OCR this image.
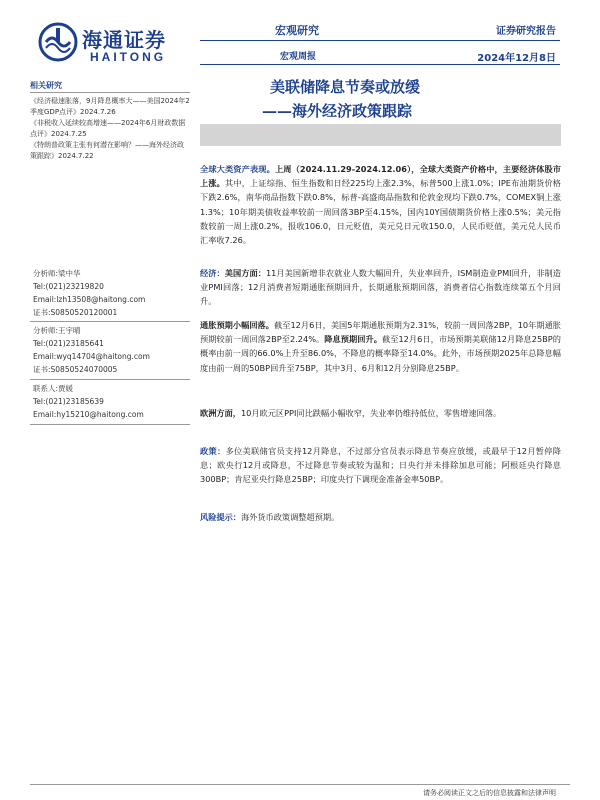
海通证券
HAITONG
宏观研究
宏观周报
证券研究报告
2024年12月8日
美联储降息节奏或放缓
——海外经济政策跟踪
相关研究
《经济稳速胀落，9月降息概率大——美国2024年2季度GDP点评》2024.7.26
《非税收入延续较高增速——2024年6月财政数据点评》2024.7.25
《特朗普政策主张有何潜在影响？——海外经济政策跟踪》2024.7.22
分析师:梁中华
Tel:(021)23219820
Email:lzh13508@haitong.com
证书:S0850520120001
分析师:王宇晴
Tel:(021)23185641
Email:wyq14704@haitong.com
证书:S0850524070005
联系人:贾媛
Tel:(021)23185639
Email:hy15210@haitong.com

全球大类资产表现。上周（2024.11.29-2024.12.06），全球大类资产价格中，主要经济体股市上涨。其中，上证综指、恒生指数和日经225均上涨2.3%，标普500上涨1.0%；IPE布油期货价格下跌2.6%，南华商品指数下跌0.8%，标普-高盛商品指数和伦敦金现均下跌0.7%，COMEX铜上涨1.3%；10年期美债收益率较前一周回落3BP至4.15%，国内10Y国债期货价格上涨0.5%；美元指数较前一周上涨0.2%，报收106.0，日元贬值，美元兑日元收150.0，人民币贬值，美元兑人民币汇率收7.26。

经济：美国方面：11月美国新增非农就业人数大幅回升，失业率回升，ISM制造业PMI回升，非制造业PMI回落；12月消费者短期通胀预期回升，长期通胀预期回落，消费者信心指数连续第五个月回升。

通胀预期小幅回落。截至12月6日，美国5年期通胀预期为2.31%，较前一周回落2BP，10年期通胀预期较前一周回落2BP至2.24%。降息预期回升。截至12月6日，市场预期美联储12月降息25BP的概率由前一周的66.0%上升至86.0%，不降息的概率降至14.0%。此外，市场预期2025年总降息幅度由前一周的50BP回升至75BP，其中3月、6月和12月分别降息25BP。

欧洲方面，10月欧元区PPI同比跌幅小幅收窄，失业率仍维持低位，零售增速回落。

政策：多位美联储官员支持12月降息，不过部分官员表示降息节奏应放缓，或最早于12月暂停降息；欧央行12月或降息，不过降息节奏或较为温和；日央行并未排除加息可能；阿根廷央行降息300BP；肯尼亚央行降息25BP；印度央行下调现金准备金率50BP。

风险提示：海外货币政策调整超预期。

请务必阅读正文之后的信息披露和法律声明
